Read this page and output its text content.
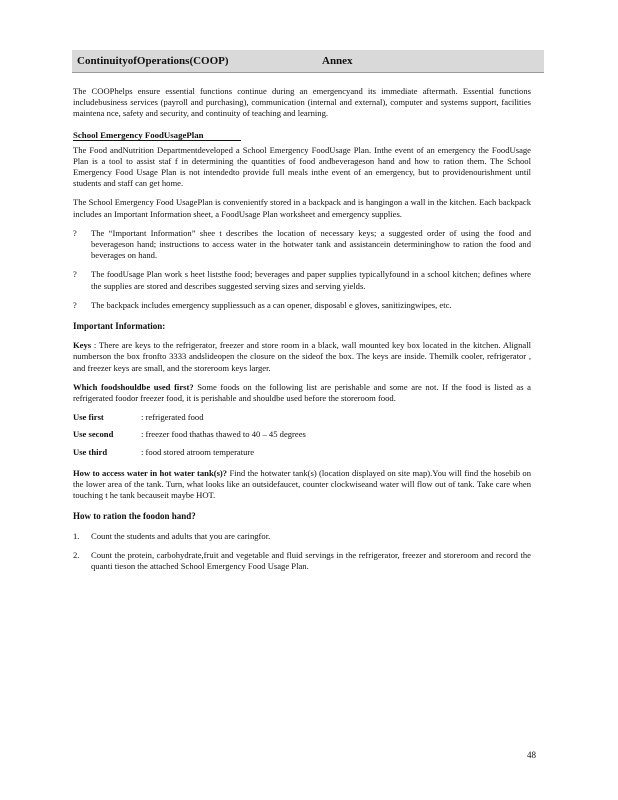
ContinuityofOperations(COOP)	Annex

The COOPhelps ensure essential functions continue during an emergencyand its immediate aftermath. Essential functions includebusiness services (payroll and purchasing), communication (internal and external), computer and systems support, facilities maintena nce, safety and security, and continuity of teaching and learning.

School Emergency FoodUsagePlan

The Food andNutrition Departmentdeveloped a School Emergency FoodUsage Plan. Inthe event of an emergency the FoodUsage Plan is a tool to assist staf f in determining the quantities of food andbeverageson hand and how to ration them. The School Emergency Food Usage Plan is not intendedto provide full meals inthe event of an emergency, but to providenourishment until students and staff can get home.

The School Emergency Food UsagePlan is convenientfy stored in a backpack and is hangingon a wall in the kitchen. Each backpack includes an Important Information sheet, a FoodUsage Plan worksheet and emergency supplies.

? The “Important Information” shee t describes the location of necessary keys; a suggested order of using the food and beverageson hand; instructions to access water in the hotwater tank and assistancein determininghow to ration the food and beverages on hand.

? The foodUsage Plan work s heet liststhe food; beverages and paper supplies typicallyfound in a school kitchen; defines where the supplies are stored and describes suggested serving sizes and serving yields.

? The backpack includes emergency suppliessuch as a can opener, disposabl e gloves, sanitizingwipes, etc.

Important Information:

Keys : There are keys to the refrigerator, freezer and store room in a black, wall mounted key box located in the kitchen. Alignall numberson the box fronfto 3333 andslideopen the closure on the sideof the box. The keys are inside. Themilk cooler, refrigerator , and freezer keys are small, and the storeroom keys larger.

Which foodshouldbe used first? Some foods on the following list are perishable and some are not. If the food is listed as a refrigerated foodor freezer food, it is perishable and shouldbe used before the storeroom food.

Use first	: refrigerated food
Use second	: freezer food thathas thawed to 40 – 45 degrees
Use third	: food stored atroom temperature

How to access water in hot water tank(s)? Find the hotwater tank(s) (location displayed on site map).You will find the hosebib on the lower area of the tank. Turn, what looks like an outsidefaucet, counter clockwiseand water will flow out of tank. Take care when touching t he tank becauseit maybe HOT.

How to ration the foodon hand?

1. Count the students and adults that you are caringfor.

2. Count the protein, carbohydrate,fruit and vegetable and fluid servings in the refrigerator, freezer and storeroom and record the quanti tieson the attached School Emergency Food Usage Plan.

48
